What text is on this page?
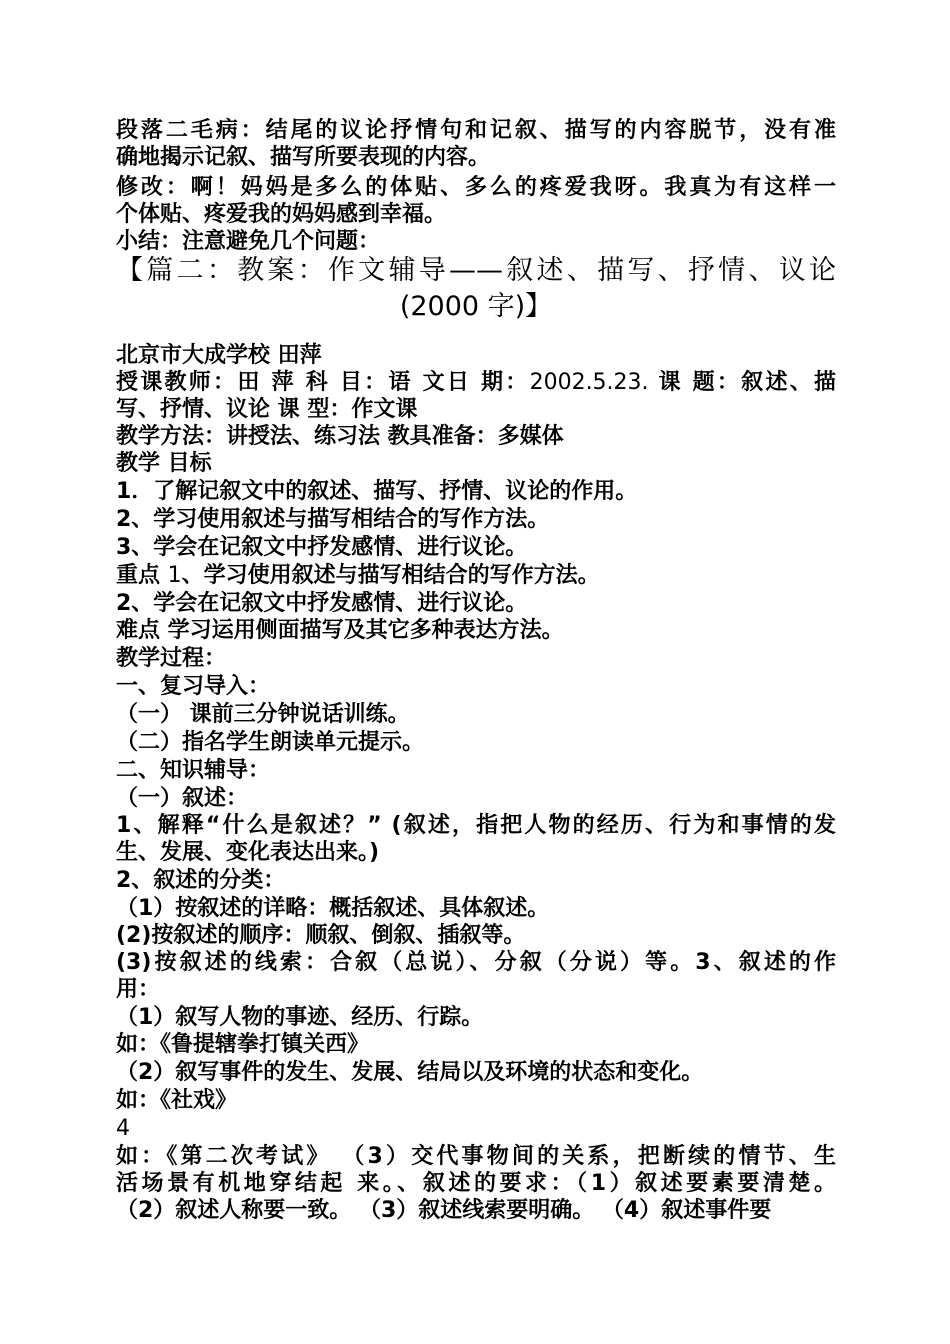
段落二毛病：结尾的议论抒情句和记叙、描写的内容脱节，没有准
确地揭示记叙、描写所要表现的内容。
修改：啊！妈妈是多么的体贴、多么的疼爱我呀。我真为有这样一
个体贴、疼爱我的妈妈感到幸福。
小结：注意避免几个问题：
【篇二：教案：作文辅导——叙述、描写、抒情、议论
(2000 字)】
北京市大成学校 田萍
授课教师：田 萍 科 目：语 文日 期：2002.5.23. 课 题：叙述、描
写、抒情、议论 课 型：作文课
教学方法：讲授法、练习法 教具准备：多媒体
教学 目标
1．了解记叙文中的叙述、描写、抒情、议论的作用。
2、学习使用叙述与描写相结合的写作方法。
3、学会在记叙文中抒发感情、进行议论。
重点 1、学习使用叙述与描写相结合的写作方法。
2、学会在记叙文中抒发感情、进行议论。
难点 学习运用侧面描写及其它多种表达方法。
教学过程：
一、复习导入：
（一） 课前三分钟说话训练。
（二）指名学生朗读单元提示。
二、知识辅导：
（一）叙述：
1、解释“什么是叙述？” (叙述，指把人物的经历、行为和事情的发
生、发展、变化表达出来。)
2、叙述的分类：
（1）按叙述的详略：概括叙述、具体叙述。
(2)按叙述的顺序：顺叙、倒叙、插叙等。
(3)按叙述的线索：合叙（总说）、分叙（分说）等。3、叙述的作
用：
（1）叙写人物的事迹、经历、行踪。
如：《鲁提辖拳打镇关西》
（2）叙写事件的发生、发展、结局以及环境的状态和变化。
如：《社戏》
4
如：《第二次考试》 （3）交代事物间的关系，把断续的情节、生
活场景有机地穿结起 来。、叙述的要求：（1）叙述要素要清楚。
（2）叙述人称要一致。 （3）叙述线索要明确。 （4）叙述事件要
